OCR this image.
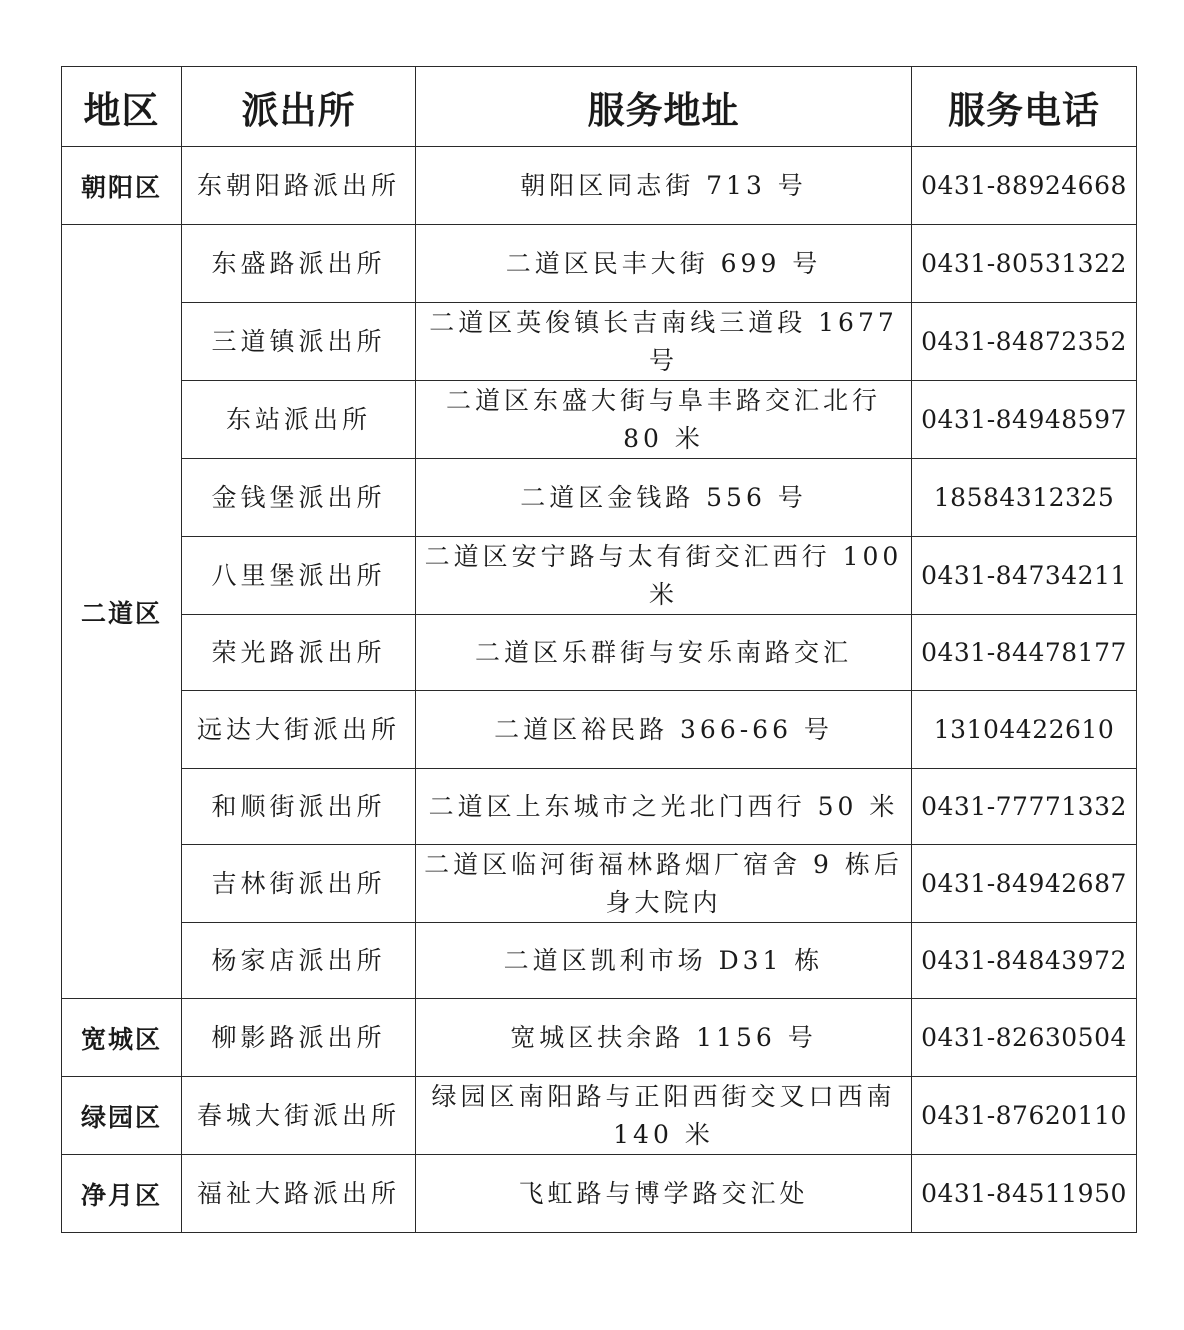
地区	派出所	服务地址	服务电话
朝阳区	东朝阳路派出所	朝阳区同志街 713 号	0431-88924668
二道区	东盛路派出所	二道区民丰大街 699 号	0431-80531322
	三道镇派出所	二道区英俊镇长吉南线三道段 1677 号	0431-84872352
	东站派出所	二道区东盛大街与阜丰路交汇北行 80 米	0431-84948597
	金钱堡派出所	二道区金钱路 556 号	18584312325
	八里堡派出所	二道区安宁路与太有街交汇西行 100 米	0431-84734211
	荣光路派出所	二道区乐群街与安乐南路交汇	0431-84478177
	远达大街派出所	二道区裕民路 366-66 号	13104422610
	和顺街派出所	二道区上东城市之光北门西行 50 米	0431-77771332
	吉林街派出所	二道区临河街福林路烟厂宿舍 9 栋后身大院内	0431-84942687
	杨家店派出所	二道区凯利市场 D31 栋	0431-84843972
宽城区	柳影路派出所	宽城区扶余路 1156 号	0431-82630504
绿园区	春城大街派出所	绿园区南阳路与正阳西街交叉口西南 140 米	0431-87620110
净月区	福祉大路派出所	飞虹路与博学路交汇处	0431-84511950
